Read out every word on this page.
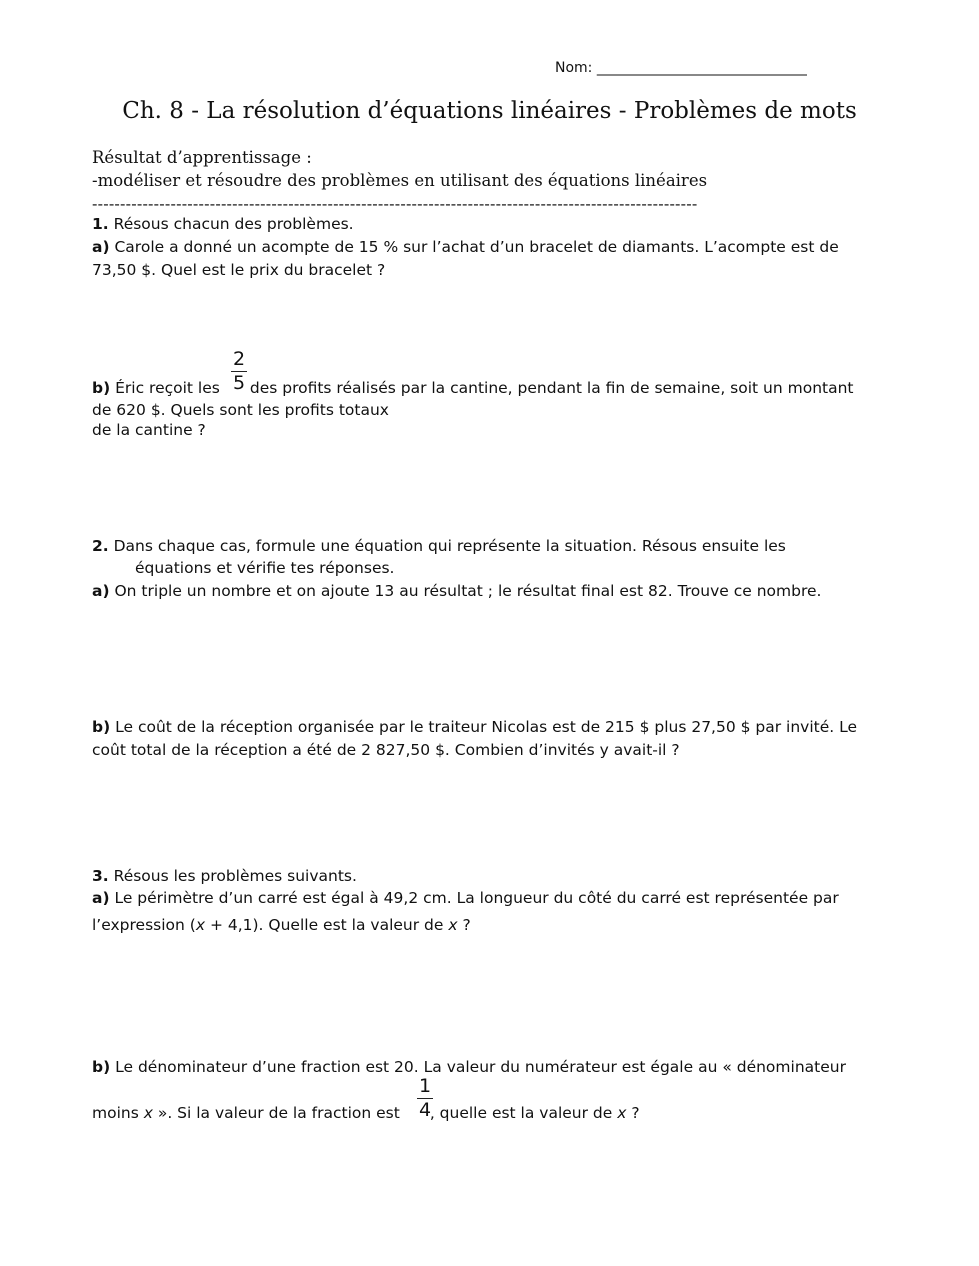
Nom: ______________________________
Ch. 8 - La résolution d’équations linéaires - Problèmes de mots
Résultat d’apprentissage :
-modéliser et résoudre des problèmes en utilisant des équations linéaires
------------------------------------------------------------------------------------------------------------
1. Résous chacun des problèmes.
a) Carole a donné un acompte de 15 % sur l’achat d’un bracelet de diamants. L’acompte est de
73,50 $. Quel est le prix du bracelet ?
b) Éric reçoit les des profits réalisés par la cantine, pendant la fin de semaine, soit un montant
$\frac{2}{5}$
de 620 $. Quels sont les profits totaux
de la cantine ?
2. Dans chaque cas, formule une équation qui représente la situation. Résous ensuite les
équations et vérifie tes réponses.
a) On triple un nombre et on ajoute 13 au résultat ; le résultat final est 82. Trouve ce nombre.
b) Le coût de la réception organisée par le traiteur Nicolas est de 215 $ plus 27,50 $ par invité. Le
coût total de la réception a été de 2 827,50 $. Combien d’invités y avait-il ?
3. Résous les problèmes suivants.
a) Le périmètre d’un carré est égal à 49,2 cm. La longueur du côté du carré est représentée par
l’expression (x + 4,1). Quelle est la valeur de x ?
b) Le dénominateur d’une fraction est 20. La valeur du numérateur est égale au « dénominateur
moins x ». Si la valeur de la fraction est , quelle est la valeur de x ?
$\frac{1}{4}$
